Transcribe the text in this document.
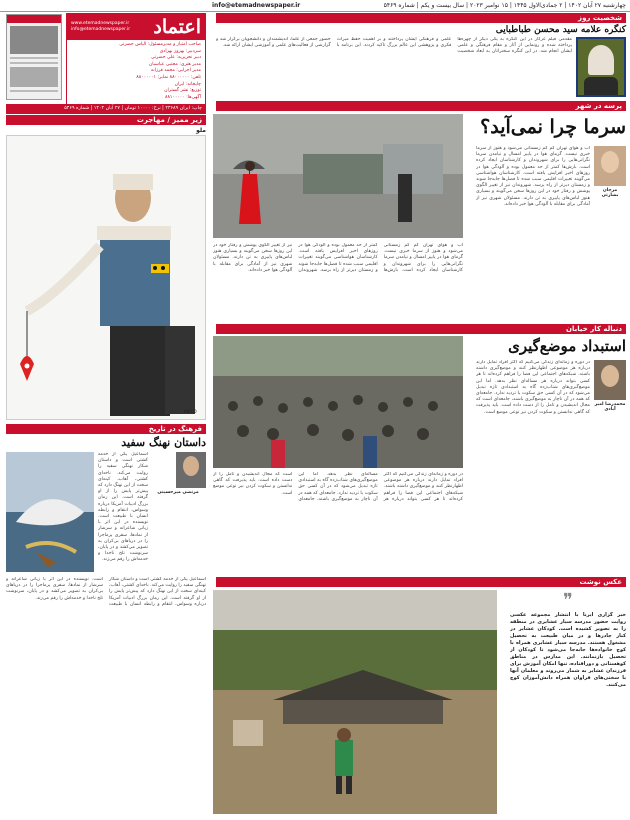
چهارشنبه ۲۷ آبان ۱۴۰۲ | ۲ جمادی‌الاول ۱۴۴۵ | ۱۵ نوامبر ۲۰۲۳ | سال بیست و یکم | شماره ۵۴۶۹
info@etemadnewspaper.ir
اعتماد
www.etemadnewspaper.ir
info@etemadnewspaper.ir
صاحب امتیاز و مدیرمسئول: الیاس حضرتی
سردبیر: بهروز بهزادی
دبیر تحریریه: علی حضرتی
مدیر هنری: مجتبی عباسیان
مدیر اجرایی: محمد فرزانه
تلفن: ۸۸۰۰۰۰۰۰ نمابر: ۸۸۰۰۰۰۰۱
چاپخانه: ایران
توزیع: نشر گستران
آگهی‌ها: ۸۸۱۰۰۰۰۰
چاپ: ایران ۲۳۶۸۹ | نرخ: ۱۰۰۰۰ تومان | ۲۷ آبان ۱۴۰۲ | شماره ۵۴۶۹
شخصیت روز
کنگره علامه سید محسن طباطبایی
مقدمی فیلم غرکار در این کنگره به یکی دیگر از چهره‌ها پرداخته شده و رونمایی از آثار و مقام فرهنگی و علمی ایشان انجام شد. در این کنگره سخنرانان به ابعاد شخصیت علمی و فرهنگی ایشان پرداختند و بر اهمیت حفظ میراث فکری و پژوهشی این عالم بزرگ تاکید کردند. این برنامه با حضور جمعی از علما، اندیشمندان و دانشجویان برگزار شد و گزارشی از فعالیت‌های علمی و آموزشی ایشان ارائه شد.
زیر ممیز / مهاجرت
ملو
MELO
پرسه در شهر
سرما چرا نمی‌آید؟
مرجان بشارتی
آب و هوای تهران کم کم زمستانی می‌شود و هنوز از سرما خبری نیست. گرمای هوا در پاییز امسال و نیامدن سرما نگرانی‌هایی را برای شهروندان و کارشناسان ایجاد کرده است. بارش‌ها کمتر از حد معمول بوده و آلودگی هوا در روزهای اخیر افزایش یافته است. کارشناسان هواشناسی می‌گویند تغییرات اقلیمی سبب شده تا فصل‌ها جابه‌جا شوند و زمستان دیرتر از راه برسد. شهروندان نیز از تغییر الگوی پوشش و رفتار خود در این روزها سخن می‌گویند و بسیاری هنوز لباس‌های پاییزی به تن دارند. مسئولان شهری نیز از آمادگی برای مقابله با آلودگی هوا خبر داده‌اند.
آب و هوای تهران کم کم زمستانی می‌شود و هنوز از سرما خبری نیست. گرمای هوا در پاییز امسال و نیامدن سرما نگرانی‌هایی را برای شهروندان و کارشناسان ایجاد کرده است. بارش‌ها کمتر از حد معمول بوده و آلودگی هوا در روزهای اخیر افزایش یافته است. کارشناسان هواشناسی می‌گویند تغییرات اقلیمی سبب شده تا فصل‌ها جابه‌جا شوند و زمستان دیرتر از راه برسد. شهروندان نیز از تغییر الگوی پوشش و رفتار خود در این روزها سخن می‌گویند و بسیاری هنوز لباس‌های پاییزی به تن دارند. مسئولان شهری نیز از آمادگی برای مقابله با آلودگی هوا خبر داده‌اند.
دنباله کار خیابان
استبداد موضع‌گیری
محمدرضا امیر آبادی
در دوره و زمانه‌ای زندگی می‌کنیم که اکثر افراد تمایل دارند درباره هر موضوعی اظهارنظر کنند و موضع‌گیری داشته باشند. شبکه‌های اجتماعی این فضا را فراهم کرده‌اند تا هر کسی بتواند درباره هر مساله‌ای نظر بدهد. اما این موضع‌گیری‌های شتاب‌زده گاه به استبدادی تازه تبدیل می‌شود که در آن کسی حق سکوت یا تردید ندارد. جامعه‌ای که همه در آن ناچار به موضع‌گیری باشند، جامعه‌ای است که مجال اندیشیدن و تامل را از دست داده است. باید پذیرفت که گاهی ندانستن و سکوت کردن نیز نوعی موضع است.
در دوره و زمانه‌ای زندگی می‌کنیم که اکثر افراد تمایل دارند درباره هر موضوعی اظهارنظر کنند و موضع‌گیری داشته باشند. شبکه‌های اجتماعی این فضا را فراهم کرده‌اند تا هر کسی بتواند درباره هر مساله‌ای نظر بدهد. اما این موضع‌گیری‌های شتاب‌زده گاه به استبدادی تازه تبدیل می‌شود که در آن کسی حق سکوت یا تردید ندارد. جامعه‌ای که همه در آن ناچار به موضع‌گیری باشند، جامعه‌ای است که مجال اندیشیدن و تامل را از دست داده است. باید پذیرفت که گاهی ندانستن و سکوت کردن نیز نوعی موضع است.
فرهنگ در تاریخ
داستان نهنگ سفید
مرتضی میرحسینی
اسماعیل یکی از خدمه کشتی است و داستان شکار نهنگی سفید را روایت می‌کند. ناخدای کشتی، آهاب، کینه‌ای سخت از این نهنگ دارد که پیش‌تر پایش را از او گرفته است. این رمان بزرگ ادبیات آمریکا درباره وسواس، انتقام و رابطه انسان با طبیعت است. نویسنده در این اثر با زبانی شاعرانه و سرشار از نمادها، سفری پرماجرا را در دریاهای بی‌کران به تصویر می‌کشد و در پایان، سرنوشت تلخ ناخدا و خدمه‌اش را رقم می‌زند.
اسماعیل یکی از خدمه کشتی است و داستان شکار نهنگی سفید را روایت می‌کند. ناخدای کشتی، آهاب، کینه‌ای سخت از این نهنگ دارد که پیش‌تر پایش را از او گرفته است. این رمان بزرگ ادبیات آمریکا درباره وسواس، انتقام و رابطه انسان با طبیعت است. نویسنده در این اثر با زبانی شاعرانه و سرشار از نمادها، سفری پرماجرا را در دریاهای بی‌کران به تصویر می‌کشد و در پایان، سرنوشت تلخ ناخدا و خدمه‌اش را رقم می‌زند.
عکس نوشت
❞
خبر گزاری ایرنا با انتشار مجموعه عکسی روایت حضور مدرسه سیار عشایری در منطقه را به تصویر کشیده است. کودکان عشایر در کنار چادرها و در میان طبیعت به تحصیل مشغول هستند. مدرسه سیار عشایری همراه با کوچ خانواده‌ها جابه‌جا می‌شود تا کودکان از تحصیل بازنمانند. این مدارس در مناطق کوهستانی و دورافتاده، تنها امکان آموزش برای فرزندان عشایر به شمار می‌روند و معلمان آنها با سختی‌های فراوان همراه دانش‌آموزان کوچ می‌کنند.
